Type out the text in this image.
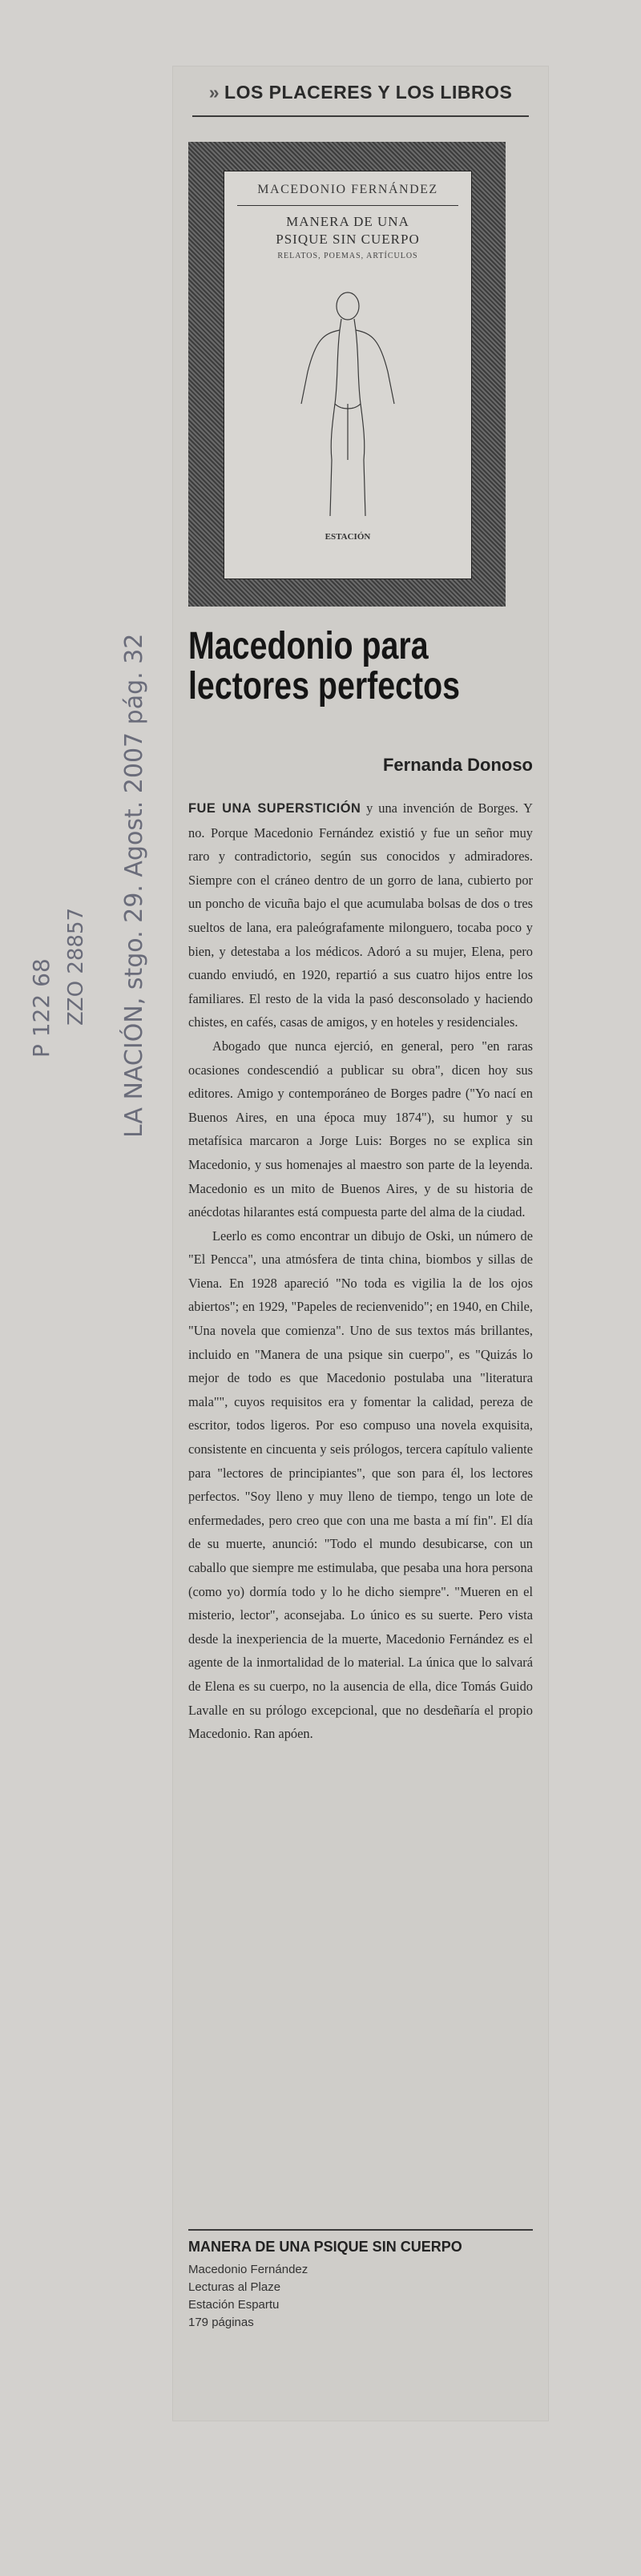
LA NACIÓN, stgo. 29. Agost. 2007 pág. 32
ZZO 28857
P 122 68
» LOS PLACERES Y LOS LIBROS
MACEDONIO FERNÁNDEZ
MANERA DE UNA
PSIQUE SIN CUERPO
RELATOS, POEMAS, ARTÍCULOS
ESTACIÓN
Macedonio para
lectores perfectos
Fernanda Donoso

FUE UNA SUPERSTICIÓN y una invención de Borges. Y no. Porque Macedonio Fernández existió y fue un señor muy raro y contradictorio, según sus conocidos y admiradores. Siempre con el cráneo dentro de un gorro de lana, cubierto por un poncho de vicuña bajo el que acumulaba bolsas de dos o tres sueltos de lana, era paleógrafamente milonguero, tocaba poco y bien, y detestaba a los médicos. Adoró a su mujer, Elena, pero cuando enviudó, en 1920, repartió a sus cuatro hijos entre los familiares. El resto de la vida la pasó desconsolado y haciendo chistes, en cafés, casas de amigos, y en hoteles y residenciales.

Abogado que nunca ejerció, en general, pero "en raras ocasiones condescendió a publicar su obra", dicen hoy sus editores. Amigo y contemporáneo de Borges padre ("Yo nací en Buenos Aires, en una época muy 1874"), su humor y su metafísica marcaron a Jorge Luis: Borges no se explica sin Macedonio, y sus homenajes al maestro son parte de la leyenda. Macedonio es un mito de Buenos Aires, y de su historia de anécdotas hilarantes está compuesta parte del alma de la ciudad.

Leerlo es como encontrar un dibujo de Oski, un número de "El Pencca", una atmósfera de tinta china, biombos y sillas de Viena. En 1928 apareció "No toda es vigilia la de los ojos abiertos"; en 1929, "Papeles de recienvenido"; en 1940, en Chile, "Una novela que comienza". Uno de sus textos más brillantes, incluido en "Manera de una psique sin cuerpo", es "Quizás lo mejor de todo es que Macedonio postulaba una "literatura mala"", cuyos requisitos era y fomentar la calidad, pereza de escritor, todos ligeros. Por eso compuso una novela exquisita, consistente en cincuenta y seis prólogos, tercera capítulo valiente para "lectores de principiantes", que son para él, los lectores perfectos. "Soy lleno y muy lleno de tiempo, tengo un lote de enfermedades, pero creo que con una me basta a mí fin". El día de su muerte, anunció: "Todo el mundo desubicarse, con un caballo que siempre me estimulaba, que pesaba una hora persona (como yo) dormía todo y lo he dicho siempre". "Mueren en el misterio, lector", aconsejaba. Lo único es su suerte. Pero vista desde la inexperiencia de la muerte, Macedonio Fernández es el agente de la inmortalidad de lo material. La única que lo salvará de Elena es su cuerpo, no la ausencia de ella, dice Tomás Guido Lavalle en su prólogo excepcional, que no desdeñaría el propio Macedonio. Ran apóen.

MANERA DE UNA PSIQUE SIN CUERPO
Macedonio Fernández
Lecturas al Plaze
Estación Espartu
179 páginas
